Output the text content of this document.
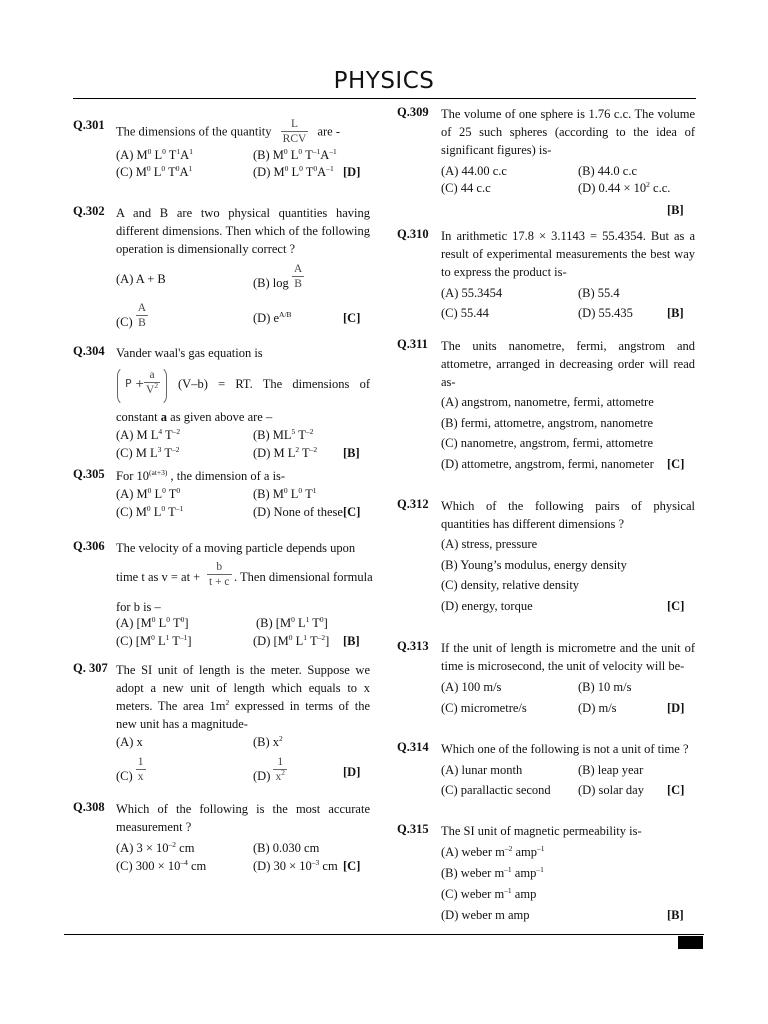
PHYSICS
Q.301 The dimensions of the quantity $\frac{L}{\text{RCV}}$ are -
(A) $M^0$ $L^0$ $T^1A^1$	(B) $M^0$ $L^0$ $T^{-1}A^{-1}$
(C) $M^0$ $L^0$ $T^0A^1$	(D) $M^0$ $L^0$ $T^0A^{-1}$ [D]
Q.302 A and B are two physical quantities having different dimensions. Then which of the following operation is dimensionally correct ?
(A) A + B	(B) $\log \frac{A}{B}$
$(C) \frac{A}{B}$	(D) $e^{A/B}$	[C]
Q.304 Vander waal's gas equation is
$P + \frac{a}{V^2} (V-b)$ = RT. The dimensions of
constant a as given above are –
(A) M $L^4$ $T^{-2}$	(B) $ML^5$ $T^{-2}$
(C) M $L^3$ $T^{-2}$	(D) M $L^2$ $T^{-2}$ [B]
Q.305 For $10^{(at+3)}$ , the dimension of a is-
(A) $M^0$ $L^0$ $T^0$	(B) $M^0$ $L^0$ $T^1$
(C) $M^0$ $L^0$ $T^{-1}$	(D) None of these [C]
Q.306 The velocity of a moving particle depends upon
time t as v = at + $\frac{b}{t + c}$ . Then dimensional formula
for b is –
(A) [$M^0$ $L^0$ $T^0$]	(B) [$M^0$ $L^1$ $T^0$]
(C) [$M^0$ $L^1$ $T^{-1}$]	(D) [$M^0$ $L^1$ $T^{-2}$] [B]
Q. 307 The SI unit of length is the meter. Suppose we adopt a new unit of length which equals to x meters. The area $1m^2$ expressed in terms of the new unit has a magnitude-
(A) x	(B) $x^2$
$(C) \frac{1}{x}$	$(D) \frac{1}{x^2}$	[D]
Q.308 Which of the following is the most accurate measurement ?
(A) $3 \times 10^{-2}$ cm	(B) 0.030 cm
(C) $300 \times 10^{-4}$ cm	(D) $30 \times 10^{-3}$ cm [C]
Q.309 The volume of one sphere is 1.76 c.c. The volume of 25 such spheres (according to the idea of significant figures) is-
(A) 44.00 c.c	(B) 44.0 c.c
(C) 44 c.c	(D) $0.44 \times 10^2$ c.c.
[B]
Q.310 In arithmetic 17.8 × 3.1143 = 55.4354. But as a result of experimental measurements the best way to express the product is-
(A) 55.3454	(B) 55.4
(C) 55.44	(D) 55.435	[B]
Q.311 The units nanometre, fermi, angstrom and attometre, arranged in decreasing order will read as-
(A) angstrom, nanometre, fermi, attometre
(B) fermi, attometre, angstrom, nanometre
(C) nanometre, angstrom, fermi, attometre
(D) attometre, angstrom, fermi, nanometer [C]
Q.312 Which of the following pairs of physical quantities has different dimensions ?
(A) stress, pressure
(B) Young’s modulus, energy density
(C) density, relative density
(D) energy, torque	[C]
Q.313 If the unit of length is micrometre and the unit of time is microsecond, the unit of velocity will be-
(A) 100 m/s	(B) 10 m/s
(C) micrometre/s	(D) m/s	[D]
Q.314 Which one of the following is not a unit of time ?
(A) lunar month	(B) leap year
(C) parallactic second (D) solar day [C]
Q.315 The SI unit of magnetic permeability is-
(A) weber $m^{-2}$ amp$^{-1}$
(B) weber $m^{-1}$ amp$^{-1}$
(C) weber $m^{-1}$ amp
(D) weber m amp	[B]
